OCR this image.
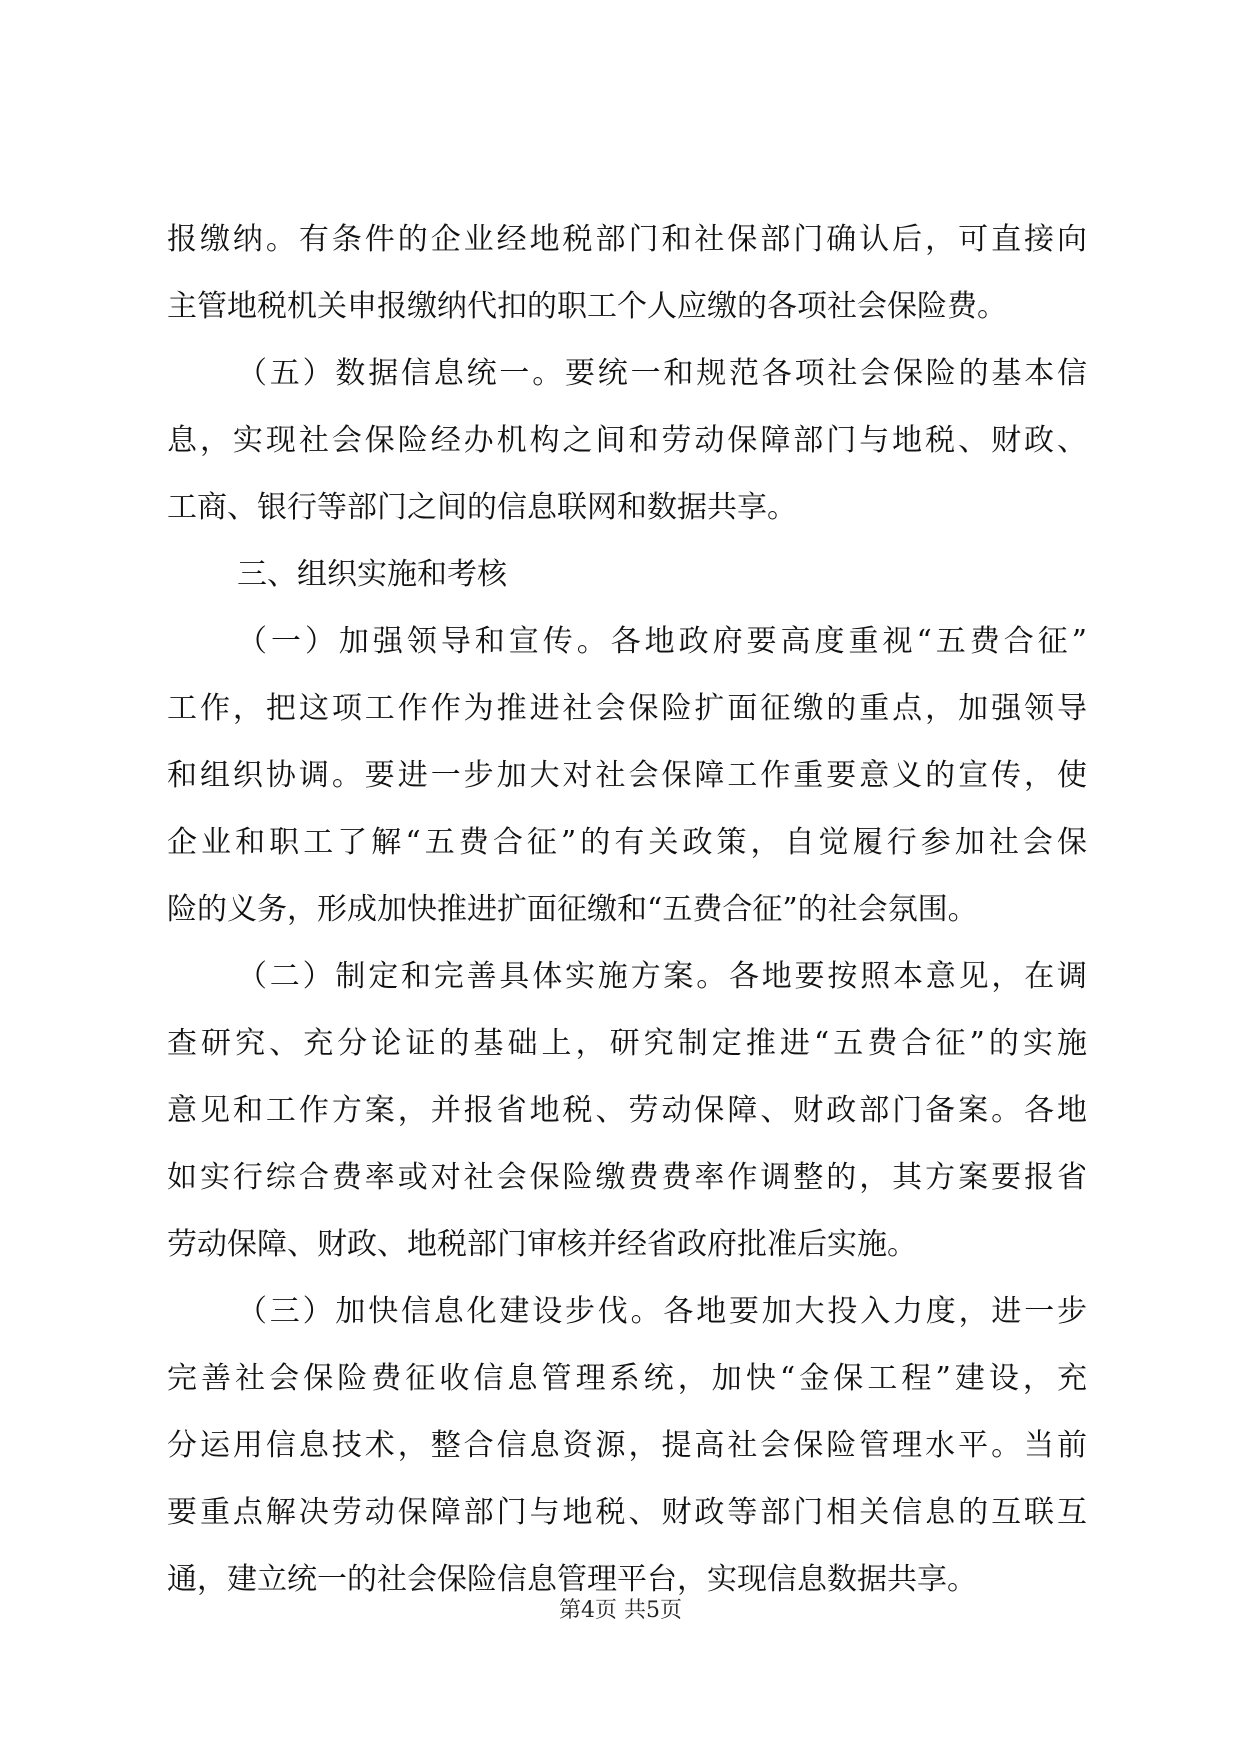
报缴纳。有条件的企业经地税部门和社保部门确认后，可直接向
主管地税机关申报缴纳代扣的职工个人应缴的各项社会保险费。
（五）数据信息统一。要统一和规范各项社会保险的基本信
息，实现社会保险经办机构之间和劳动保障部门与地税、财政、
工商、银行等部门之间的信息联网和数据共享。
三、组织实施和考核
（一）加强领导和宣传。各地政府要高度重视“五费合征”
工作，把这项工作作为推进社会保险扩面征缴的重点，加强领导
和组织协调。要进一步加大对社会保障工作重要意义的宣传，使
企业和职工了解“五费合征”的有关政策，自觉履行参加社会保
险的义务，形成加快推进扩面征缴和“五费合征”的社会氛围。
（二）制定和完善具体实施方案。各地要按照本意见，在调
查研究、充分论证的基础上，研究制定推进“五费合征”的实施
意见和工作方案，并报省地税、劳动保障、财政部门备案。各地
如实行综合费率或对社会保险缴费费率作调整的，其方案要报省
劳动保障、财政、地税部门审核并经省政府批准后实施。
（三）加快信息化建设步伐。各地要加大投入力度，进一步
完善社会保险费征收信息管理系统，加快“金保工程”建设，充
分运用信息技术，整合信息资源，提高社会保险管理水平。当前
要重点解决劳动保障部门与地税、财政等部门相关信息的互联互
通，建立统一的社会保险信息管理平台，实现信息数据共享。
第4页 共5页
